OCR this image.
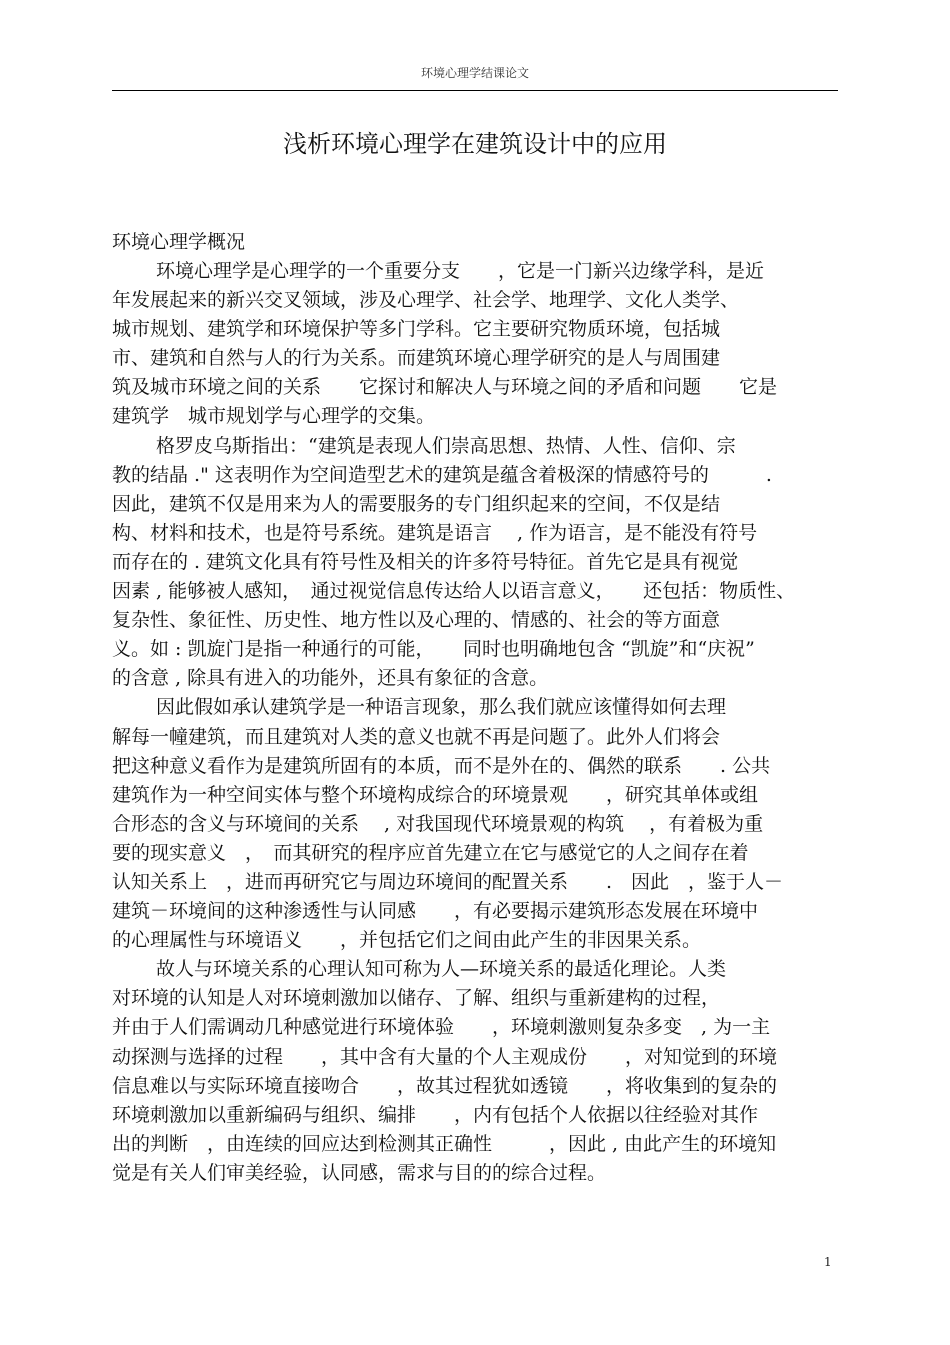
环境心理学结课论文
浅析环境心理学在建筑设计中的应用
环境心理学概况
环境心理学是心理学的一个重要分支　　，它是一门新兴边缘学科，是近
年发展起来的新兴交叉领域，涉及心理学、社会学、地理学、文化人类学、
城市规划、建筑学和环境保护等多门学科。它主要研究物质环境，包括城
市、建筑和自然与人的行为关系。而建筑环境心理学研究的是人与周围建
筑及城市环境之间的关系　　它探讨和解决人与环境之间的矛盾和问题　　它是
建筑学　城市规划学与心理学的交集。
格罗皮乌斯指出：“建筑是表现人们崇高思想、热情、人性、信仰、宗
教的结晶 ." 这表明作为空间造型艺术的建筑是蕴含着极深的情感符号的　　　.
因此，建筑不仅是用来为人的需要服务的专门组织起来的空间，不仅是结
构、材料和技术，也是符号系统。建筑是语言　 , 作为语言，是不能没有符号
而存在的 . 建筑文化具有符号性及相关的许多符号特征。首先它是具有视觉
因素 , 能够被人感知，　通过视觉信息传达给人以语言意义，　　还包括：物质性、
复杂性、象征性、历史性、地方性以及心理的、情感的、社会的等方面意
义。如 : 凯旋门是指一种通行的可能，　　同时也明确地包含 “凯旋”和“庆祝”
的含意 , 除具有进入的功能外，还具有象征的含意。
因此假如承认建筑学是一种语言现象，那么我们就应该懂得如何去理
解每一幢建筑，而且建筑对人类的意义也就不再是问题了。此外人们将会
把这种意义看作为是建筑所固有的本质，而不是外在的、偶然的联系　　. 公共
建筑作为一种空间实体与整个环境构成综合的环境景观　　，研究其单体或组
合形态的含义与环境间的关系　 , 对我国现代环境景观的构筑　 ，有着极为重
要的现实意义　，　而其研究的程序应首先建立在它与感觉它的人之间存在着
认知关系上　，进而再研究它与周边环境间的配置关系　　.　因此　，鉴于人－
建筑－环境间的这种渗透性与认同感　　，有必要揭示建筑形态发展在环境中
的心理属性与环境语义　　，并包括它们之间由此产生的非因果关系。
故人与环境关系的心理认知可称为人—环境关系的最适化理论。人类
对环境的认知是人对环境刺激加以储存、了解、组织与重新建构的过程，
并由于人们需调动几种感觉进行环境体验　　，环境刺激则复杂多变　, 为一主
动探测与选择的过程　　，其中含有大量的个人主观成份　　，对知觉到的环境
信息难以与实际环境直接吻合　　，故其过程犹如透镜　　，将收集到的复杂的
环境刺激加以重新编码与组织、编排　　，内有包括个人依据以往经验对其作
出的判断　，由连续的回应达到检测其正确性　　　，因此 , 由此产生的环境知
觉是有关人们审美经验，认同感，需求与目的的综合过程。
1
